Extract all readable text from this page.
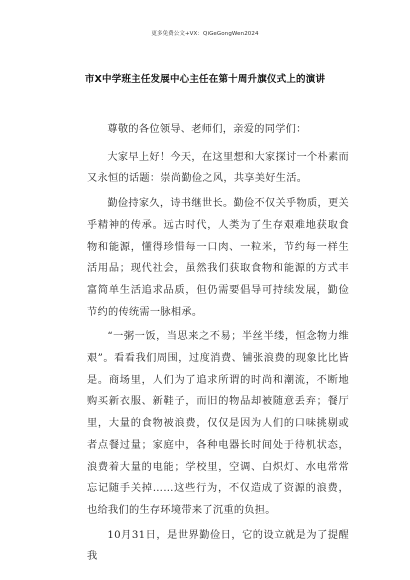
更多免费公文+VX：QiGeGongWen2024
市X中学班主任发展中心主任在第十周升旗仪式上的演讲

尊敬的各位领导、老师们，亲爱的同学们：

大家早上好！今天，在这里想和大家探讨一个朴素而又永恒的话题：崇尚勤俭之风，共享美好生活。

勤俭持家久，诗书继世长。勤俭不仅关乎物质，更关乎精神的传承。远古时代，人类为了生存艰难地获取食物和能源，懂得珍惜每一口肉、一粒米，节约每一样生活用品；现代社会，虽然我们获取食物和能源的方式丰富简单生活追求品质，但仍需要倡导可持续发展，勤俭节约的传统需一脉相承。

“一粥一饭，当思来之不易；半丝半缕，恒念物力维艰”。看看我们周围，过度消费、铺张浪费的现象比比皆是。商场里，人们为了追求所谓的时尚和潮流，不断地购买新衣服、新鞋子，而旧的物品却被随意丢弃；餐厅里，大量的食物被浪费，仅仅是因为人们的口味挑剔或者点餐过量；家庭中，各种电器长时间处于待机状态，浪费着大量的电能；学校里，空调、白炽灯、水电常常忘记随手关掉……这些行为，不仅造成了资源的浪费，也给我们的生存环境带来了沉重的负担。

10月31日，是世界勤俭日，它的设立就是为了提醒我
